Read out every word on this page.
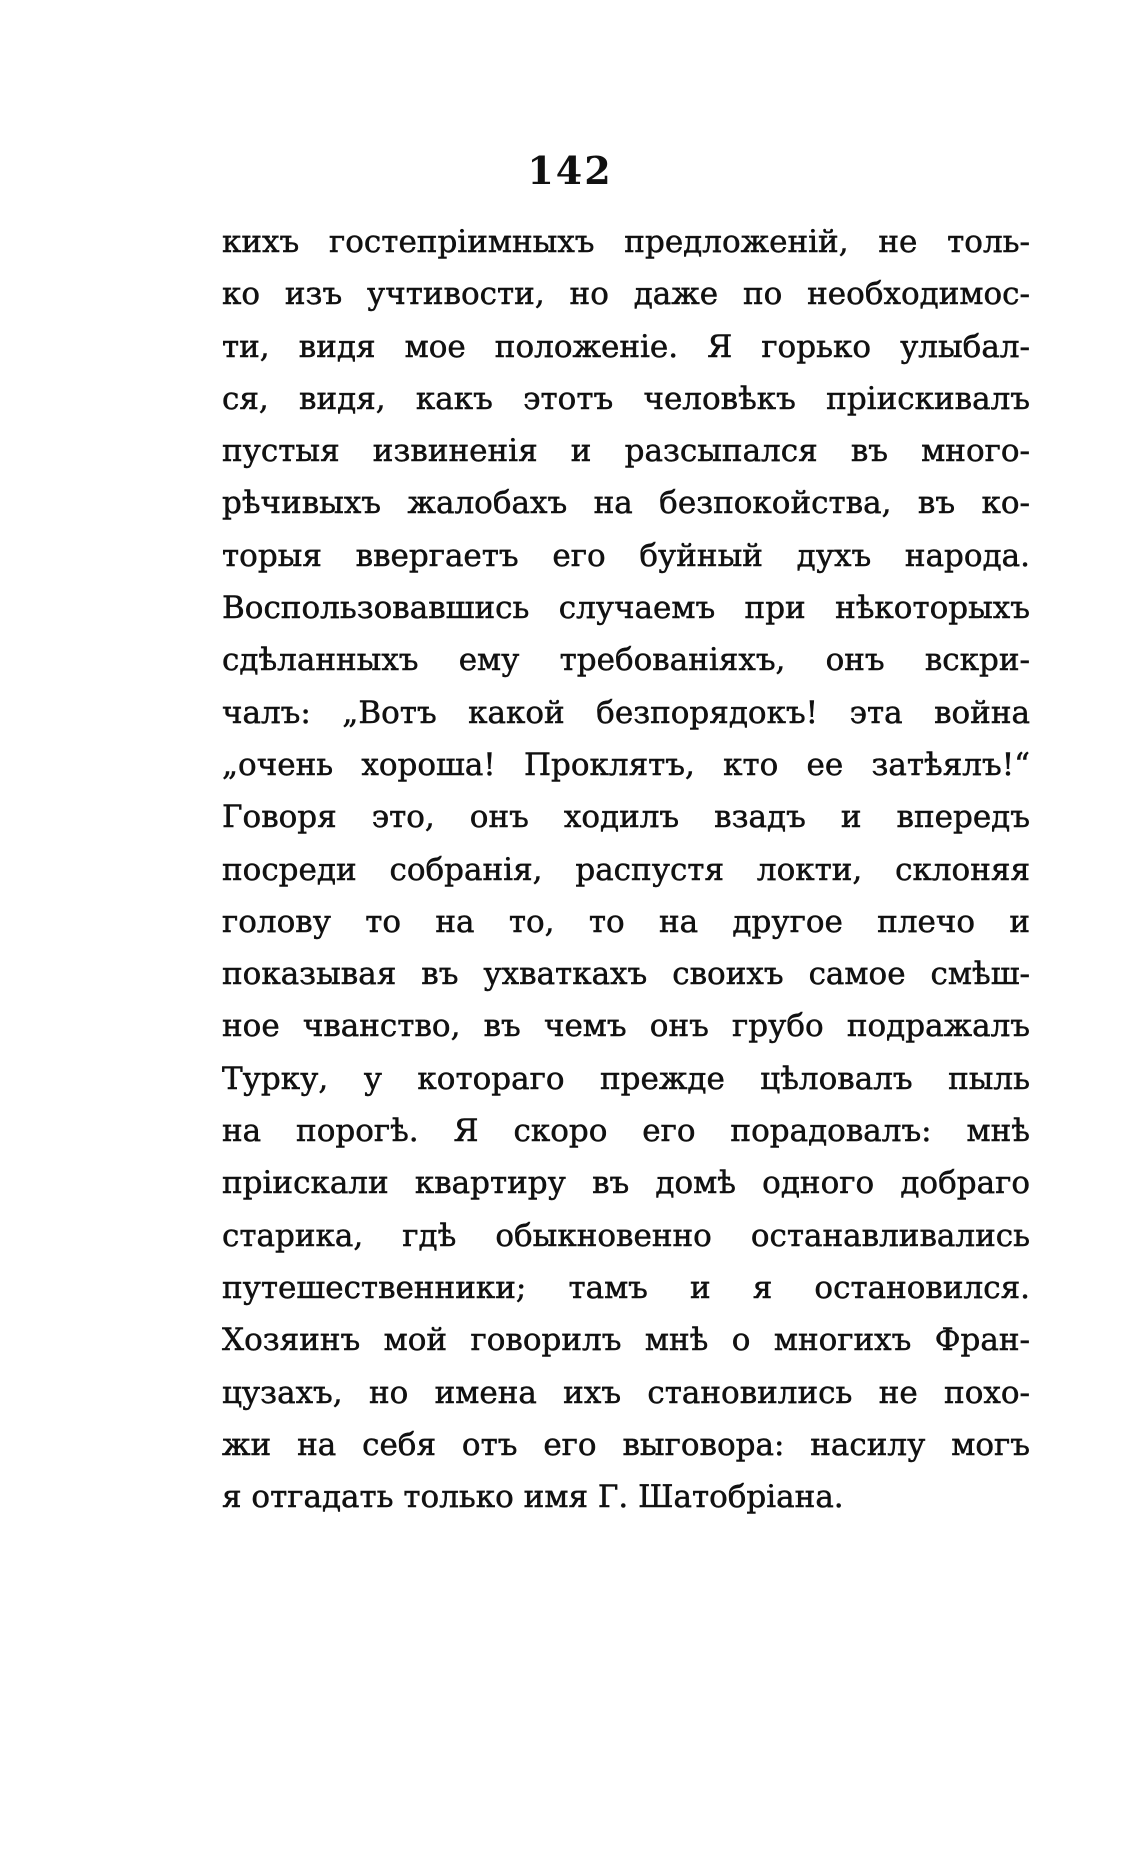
142
кихъ гостепріимныхъ предложеній, не толь-
ко изъ учтивости, но даже по необходимос-
ти, видя мое положеніе. Я горько улыбал-
ся, видя, какъ этотъ человѣкъ пріискивалъ
пустыя извиненія и разсыпался въ много-
рѣчивыхъ жалобахъ на безпокойства, въ ко-
торыя ввергаетъ его буйный духъ народа.
Воспользовавшись случаемъ при нѣкоторыхъ
сдѣланныхъ ему требованіяхъ, онъ вскри-
чалъ: „Вотъ какой безпорядокъ! эта война
„очень хороша! Проклятъ, кто ее затѣялъ!“
Говоря это, онъ ходилъ взадъ и впередъ
посреди собранія, распустя локти, склоняя
голову то на то, то на другое плечо и
показывая въ ухваткахъ своихъ самое смѣш-
ное чванство, въ чемъ онъ грубо подражалъ
Турку, у котораго прежде цѣловалъ пыль
на порогѣ. Я скоро его порадовалъ: мнѣ
пріискали квартиру въ домѣ одного добраго
старика, гдѣ обыкновенно останавливались
путешественники; тамъ и я остановился.
Хозяинъ мой говорилъ мнѣ о многихъ Фран-
цузахъ, но имена ихъ становились не похо-
жи на себя отъ его выговора: насилу могъ
я отгадать только имя Г. Шатобріана.
